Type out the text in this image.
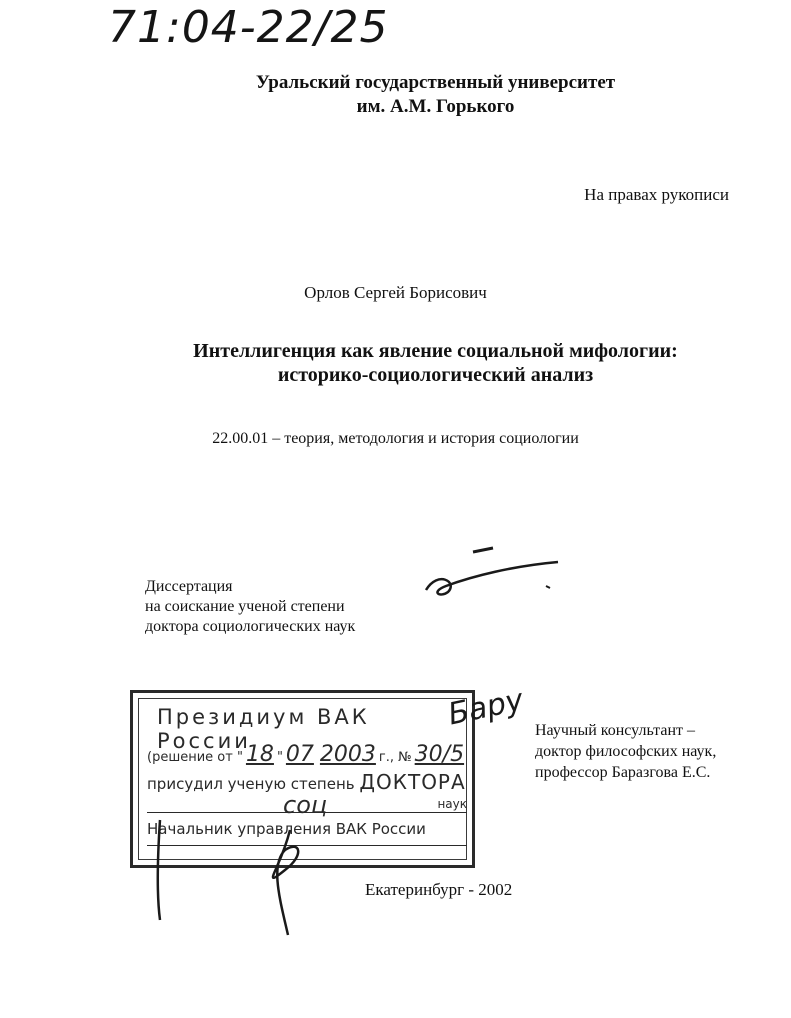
71:04-22/25
Уральский государственный университет
им. А.М. Горького
На правах рукописи
Орлов Сергей Борисович
Интеллигенция как явление социальной мифологии:
историко-социологический анализ
22.00.01 – теория, методология и история социологии
Диссертация
на соискание ученой степени
доктора социологических наук
Президиум ВАК России
(решение от " 18 " 07 2003 г., № 30/5
присудил ученую степень ДОКТОРА
наук
соц
Начальник управления ВАК России
Бару Научный консультант –
доктор философских наук,
профессор Баразгова Е.С.
Екатеринбург - 2002
